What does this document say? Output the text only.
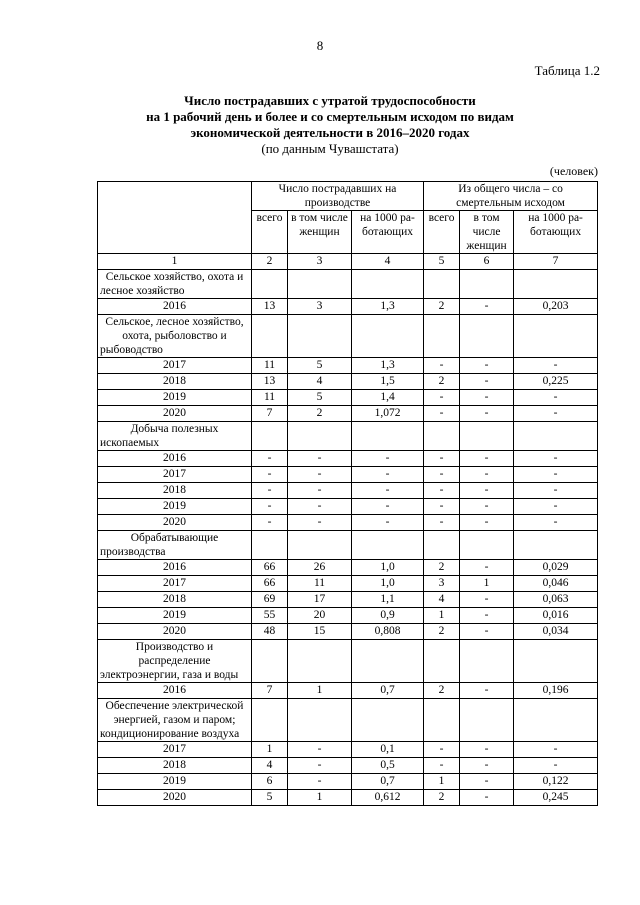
8
Таблица 1.2
Число пострадавших с утратой трудоспособности
на 1 рабочий день и более и со смертельным исходом по видам
экономической деятельности в 2016–2020 годах
(по данным Чувашстата)
(человек)
	Число пострадавших на производстве			Из общего числа – со смертельным исходом		
	всего	в том числе женщин	на 1000 ра-ботающих	всего	в том числе женщин	на 1000 ра-ботающих
1	2	3	4	5	6	7
Сельское хозяйство, охота и лесное хозяйство						
2016	13	3	1,3	2	-	0,203
Сельское, лесное хозяйство, охота, рыболовство и рыбоводство						
2017	11	5	1,3	-	-	-
2018	13	4	1,5	2	-	0,225
2019	11	5	1,4	-	-	-
2020	7	2	1,072	-	-	-
Добыча полезных ископаемых						
2016	-	-	-	-	-	-
2017	-	-	-	-	-	-
2018	-	-	-	-	-	-
2019	-	-	-	-	-	-
2020	-	-	-	-	-	-
Обрабатывающие производства						
2016	66	26	1,0	2	-	0,029
2017	66	11	1,0	3	1	0,046
2018	69	17	1,1	4	-	0,063
2019	55	20	0,9	1	-	0,016
2020	48	15	0,808	2	-	0,034
Производство и распределение электроэнергии, газа и воды						
2016	7	1	0,7	2	-	0,196
Обеспечение электрической энергией, газом и паром; кондиционирование воздуха						
2017	1	-	0,1	-	-	-
2018	4	-	0,5	-	-	-
2019	6	-	0,7	1	-	0,122
2020	5	1	0,612	2	-	0,245
